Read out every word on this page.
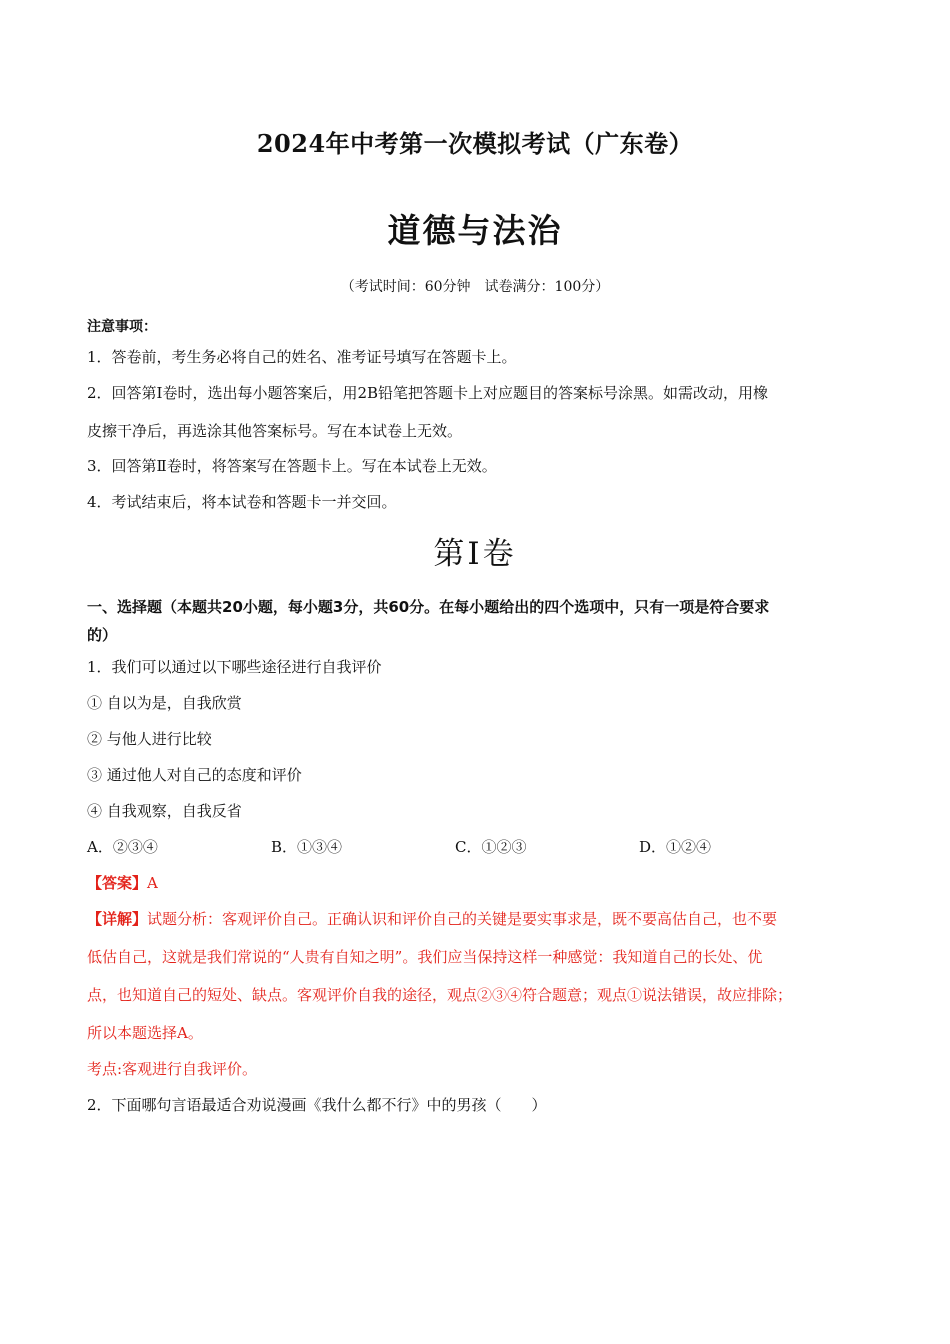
2024年中考第一次模拟考试（广东卷）
道德与法治
（考试时间：60分钟　试卷满分：100分）
注意事项：
1．答卷前，考生务必将自己的姓名、准考证号填写在答题卡上。
2．回答第Ⅰ卷时，选出每小题答案后，用2B铅笔把答题卡上对应题目的答案标号涂黑。如需改动，用橡
皮擦干净后，再选涂其他答案标号。写在本试卷上无效。
3．回答第Ⅱ卷时，将答案写在答题卡上。写在本试卷上无效。
4．考试结束后，将本试卷和答题卡一并交回。
第Ⅰ卷
一、选择题（本题共20小题，每小题3分，共60分。在每小题给出的四个选项中，只有一项是符合要求
的）
1．我们可以通过以下哪些途径进行自我评价
① 自以为是，自我欣赏
② 与他人进行比较
③ 通过他人对自己的态度和评价
④ 自我观察，自我反省
A．②③④	B．①③④	C．①②③	D．①②④
【答案】A
【详解】试题分析：客观评价自己。正确认识和评价自己的关键是要实事求是，既不要高估自己，也不要
低估自己，这就是我们常说的“人贵有自知之明”。我们应当保持这样一种感觉：我知道自己的长处、优
点，也知道自己的短处、缺点。客观评价自我的途径，观点②③④符合题意；观点①说法错误，故应排除；
所以本题选择A。
考点:客观进行自我评价。
2．下面哪句言语最适合劝说漫画《我什么都不行》中的男孩（　　）
